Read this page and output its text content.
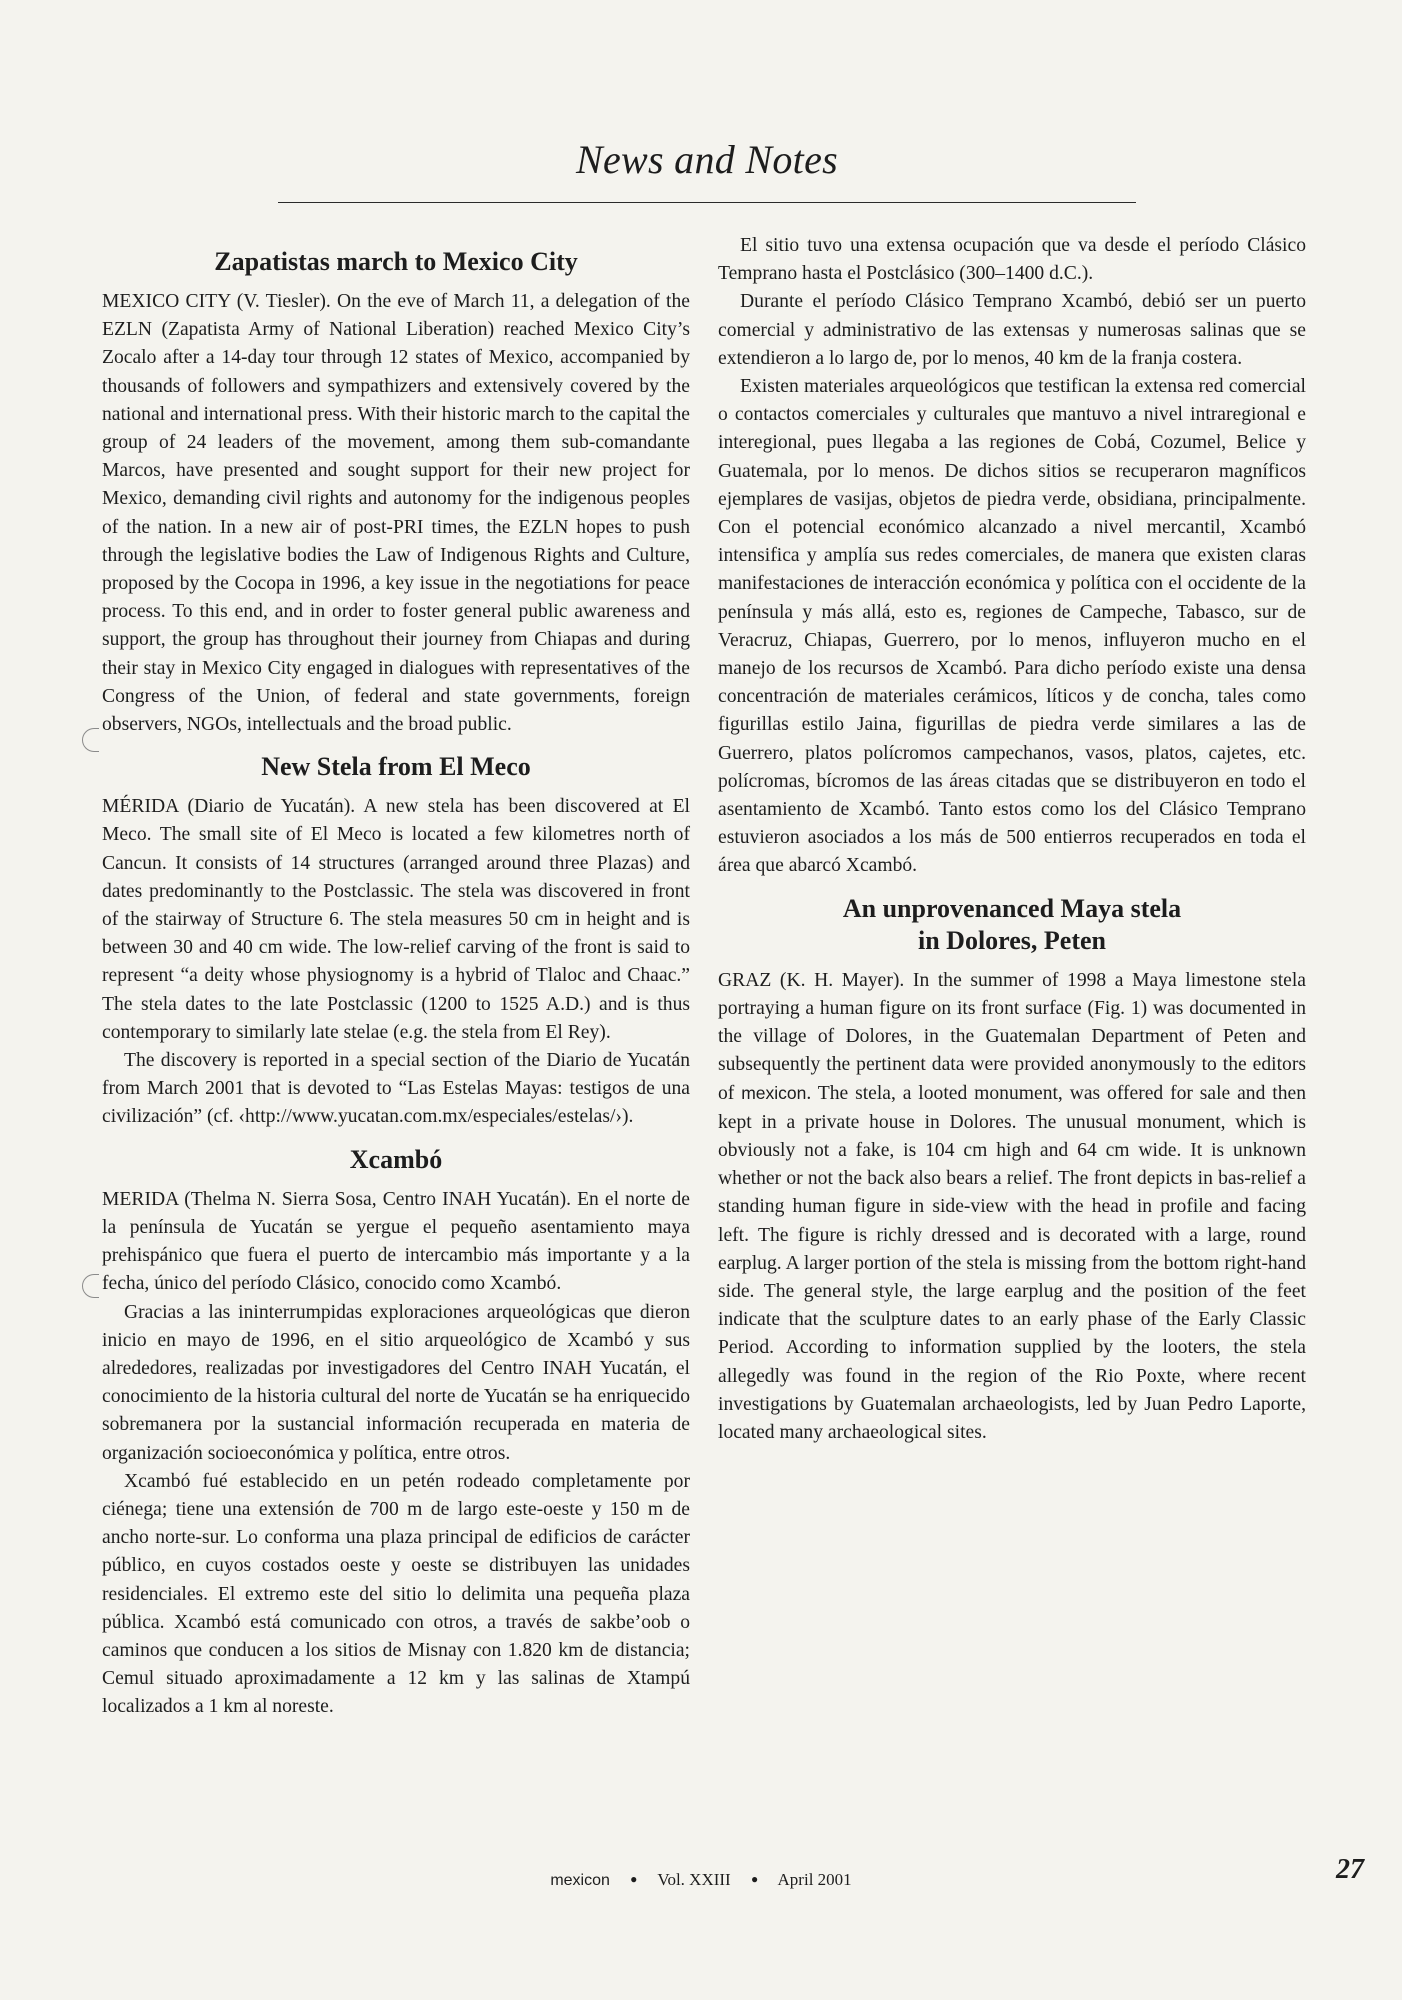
News and Notes
Zapatistas march to Mexico City

MEXICO CITY (V. Tiesler). On the eve of March 11, a delegation of the EZLN (Zapatista Army of National Liberation) reached Mexico City’s Zocalo after a 14-day tour through 12 states of Mexico, accompanied by thousands of followers and sympathizers and extensively covered by the national and international press. With their historic march to the capital the group of 24 leaders of the movement, among them sub-comandante Marcos, have presented and sought support for their new project for Mexico, demanding civil rights and autonomy for the indigenous peoples of the nation. In a new air of post-PRI times, the EZLN hopes to push through the legislative bodies the Law of Indigenous Rights and Culture, proposed by the Cocopa in 1996, a key issue in the negotiations for peace process. To this end, and in order to foster general public awareness and support, the group has throughout their journey from Chiapas and during their stay in Mexico City engaged in dialogues with representatives of the Congress of the Union, of federal and state governments, foreign observers, NGOs, intellectuals and the broad public.

New Stela from El Meco

MÉRIDA (Diario de Yucatán). A new stela has been discovered at El Meco. The small site of El Meco is located a few kilometres north of Cancun. It consists of 14 structures (arranged around three Plazas) and dates predominantly to the Postclassic. The stela was discovered in front of the stairway of Structure 6. The stela measures 50 cm in height and is between 30 and 40 cm wide. The low-relief carving of the front is said to represent “a deity whose physiognomy is a hybrid of Tlaloc and Chaac.” The stela dates to the late Postclassic (1200 to 1525 A.D.) and is thus contemporary to similarly late stelae (e.g. the stela from El Rey).

The discovery is reported in a special section of the Diario de Yucatán from March 2001 that is devoted to “Las Estelas Mayas: testigos de una civilización” (cf. ‹http://www.yucatan.com.mx/especiales/estelas/›).

Xcambó

MERIDA (Thelma N. Sierra Sosa, Centro INAH Yucatán). En el norte de la península de Yucatán se yergue el pequeño asentamiento maya prehispánico que fuera el puerto de intercambio más importante y a la fecha, único del período Clásico, conocido como Xcambó.

Gracias a las ininterrumpidas exploraciones arqueológicas que dieron inicio en mayo de 1996, en el sitio arqueológico de Xcambó y sus alrededores, realizadas por investigadores del Centro INAH Yucatán, el conocimiento de la historia cultural del norte de Yucatán se ha enriquecido sobremanera por la sustancial información recuperada en materia de organización socioeconómica y política, entre otros.

Xcambó fué establecido en un petén rodeado completamente por ciénega; tiene una extensión de 700 m de largo este-oeste y 150 m de ancho norte-sur. Lo conforma una plaza principal de edificios de carácter público, en cuyos costados oeste y oeste se distribuyen las unidades residenciales. El extremo este del sitio lo delimita una pequeña plaza pública. Xcambó está comunicado con otros, a través de sakbe’oob o caminos que conducen a los sitios de Misnay con 1.820 km de distancia; Cemul situado aproximadamente a 12 km y las salinas de Xtampú localizados a 1 km al noreste.

El sitio tuvo una extensa ocupación que va desde el período Clásico Temprano hasta el Postclásico (300–1400 d.C.).

Durante el período Clásico Temprano Xcambó, debió ser un puerto comercial y administrativo de las extensas y numerosas salinas que se extendieron a lo largo de, por lo menos, 40 km de la franja costera.

Existen materiales arqueológicos que testifican la extensa red comercial o contactos comerciales y culturales que mantuvo a nivel intraregional e interegional, pues llegaba a las regiones de Cobá, Cozumel, Belice y Guatemala, por lo menos. De dichos sitios se recuperaron magníficos ejemplares de vasijas, objetos de piedra verde, obsidiana, principalmente. Con el potencial económico alcanzado a nivel mercantil, Xcambó intensifica y amplía sus redes comerciales, de manera que existen claras manifestaciones de interacción económica y política con el occidente de la península y más allá, esto es, regiones de Campeche, Tabasco, sur de Veracruz, Chiapas, Guerrero, por lo menos, influyeron mucho en el manejo de los recursos de Xcambó. Para dicho período existe una densa concentración de materiales cerámicos, líticos y de concha, tales como figurillas estilo Jaina, figurillas de piedra verde similares a las de Guerrero, platos polícromos campechanos, vasos, platos, cajetes, etc. polícromas, bícromos de las áreas citadas que se distribuyeron en todo el asentamiento de Xcambó. Tanto estos como los del Clásico Temprano estuvieron asociados a los más de 500 entierros recuperados en toda el área que abarcó Xcambó.

An unprovenanced Maya stela
in Dolores, Peten

GRAZ (K. H. Mayer). In the summer of 1998 a Maya limestone stela portraying a human figure on its front surface (Fig. 1) was documented in the village of Dolores, in the Guatemalan Department of Peten and subsequently the pertinent data were provided anonymously to the editors of mexicon. The stela, a looted monument, was offered for sale and then kept in a private house in Dolores. The unusual monument, which is obviously not a fake, is 104 cm high and 64 cm wide. It is unknown whether or not the back also bears a relief. The front depicts in bas-relief a standing human figure in side-view with the head in profile and facing left. The figure is richly dressed and is decorated with a large, round earplug. A larger portion of the stela is missing from the bottom right-hand side. The general style, the large earplug and the position of the feet indicate that the sculpture dates to an early phase of the Early Classic Period. According to information supplied by the looters, the stela allegedly was found in the region of the Rio Poxte, where recent investigations by Guatemalan archaeologists, led by Juan Pedro Laporte, located many archaeological sites.

27
mexicon ● Vol. XXIII ● April 2001
